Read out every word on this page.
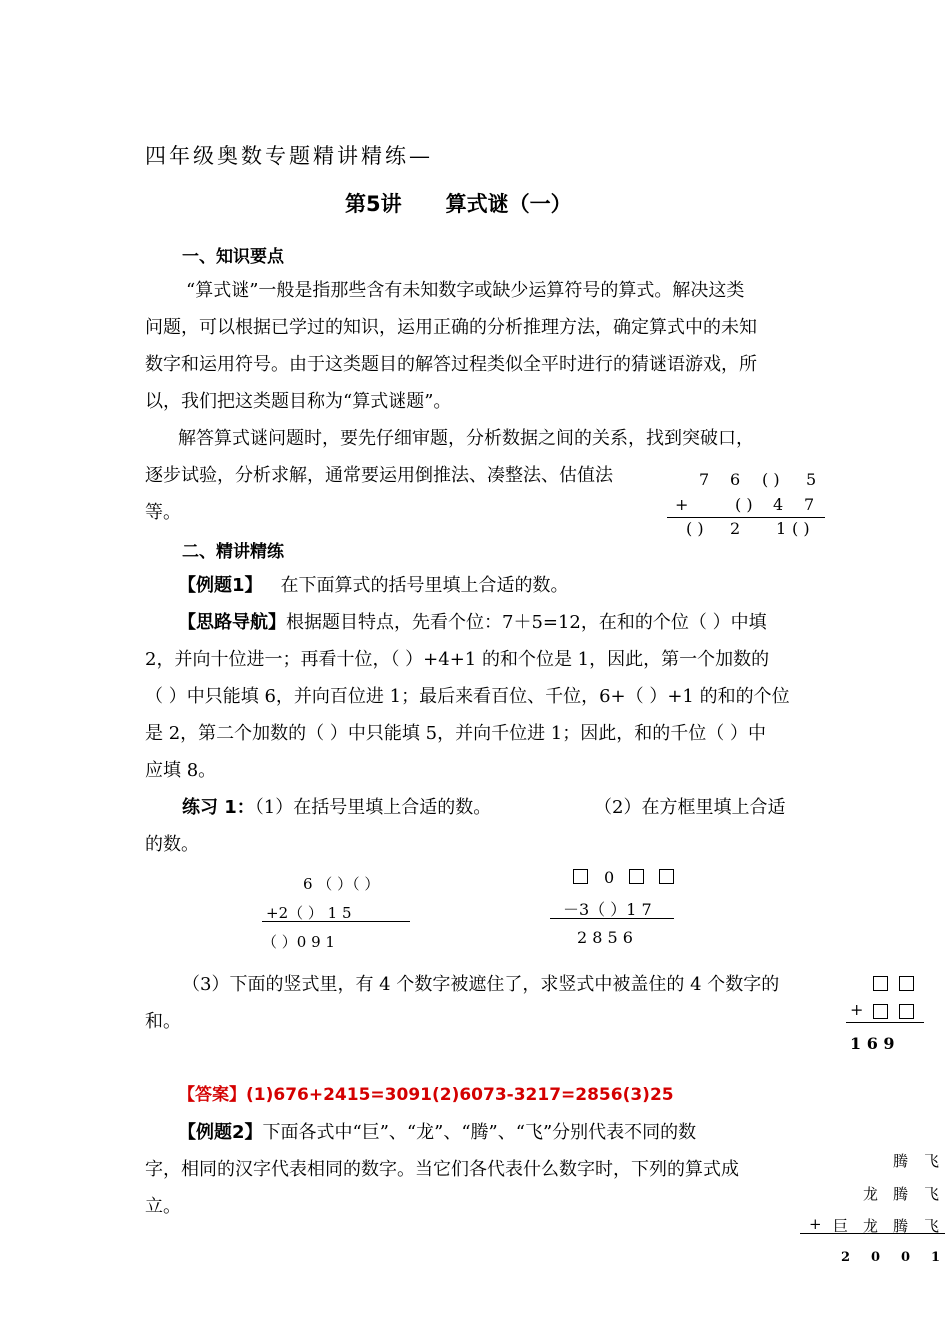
四年级奥数专题精讲精练—
第5讲 算式谜（一）
一、知识要点
“算式谜”一般是指那些含有未知数字或缺少运算符号的算式。解决这类
问题，可以根据已学过的知识，运用正确的分析推理方法，确定算式中的未知
数字和运用符号。由于这类题目的解答过程类似全平时进行的猜谜语游戏，所
以，我们把这类题目称为“算式谜题”。
解答算式谜问题时，要先仔细审题，分析数据之间的关系，找到突破口，
逐步试验，分析求解，通常要运用倒推法、凑整法、估值法
等。
7 6 ( ) 5
+	( ) 4 7
( ) 2 1 ( )
二、精讲精练
【例题1】 在下面算式的括号里填上合适的数。
【思路导航】根据题目特点，先看个位：7＋5=12，在和的个位（ ）中填
2，并向十位进一；再看十位，（ ）+4+1 的和个位是 1，因此，第一个加数的
（ ）中只能填 6，并向百位进 1；最后来看百位、千位，6+（ ）+1 的和的个位
是 2，第二个加数的（ ）中只能填 5，并向千位进 1；因此，和的千位（ ）中
应填 8。
练习 1：（1）在括号里填上合适的数。	（2）在方框里填上合适
的数。
6 （ ）（ ）
+2（ ） 1 5
（ ）0 9 1
0
－3（ ）1 7
2 8 5 6
（3）下面的竖式里，有 4 个数字被遮住了，求竖式中被盖住的 4 个数字的
和。
+
1 6 9
【答案】(1)676+2415=3091(2)6073-3217=2856(3)25
【例题2】下面各式中“巨”、“龙”、“腾”、“飞”分别代表不同的数
字，相同的汉字代表相同的数字。当它们各代表什么数字时，下列的算式成
立。
腾 飞
龙 腾 飞
+ 巨 龙 腾 飞
2 0 0 1
